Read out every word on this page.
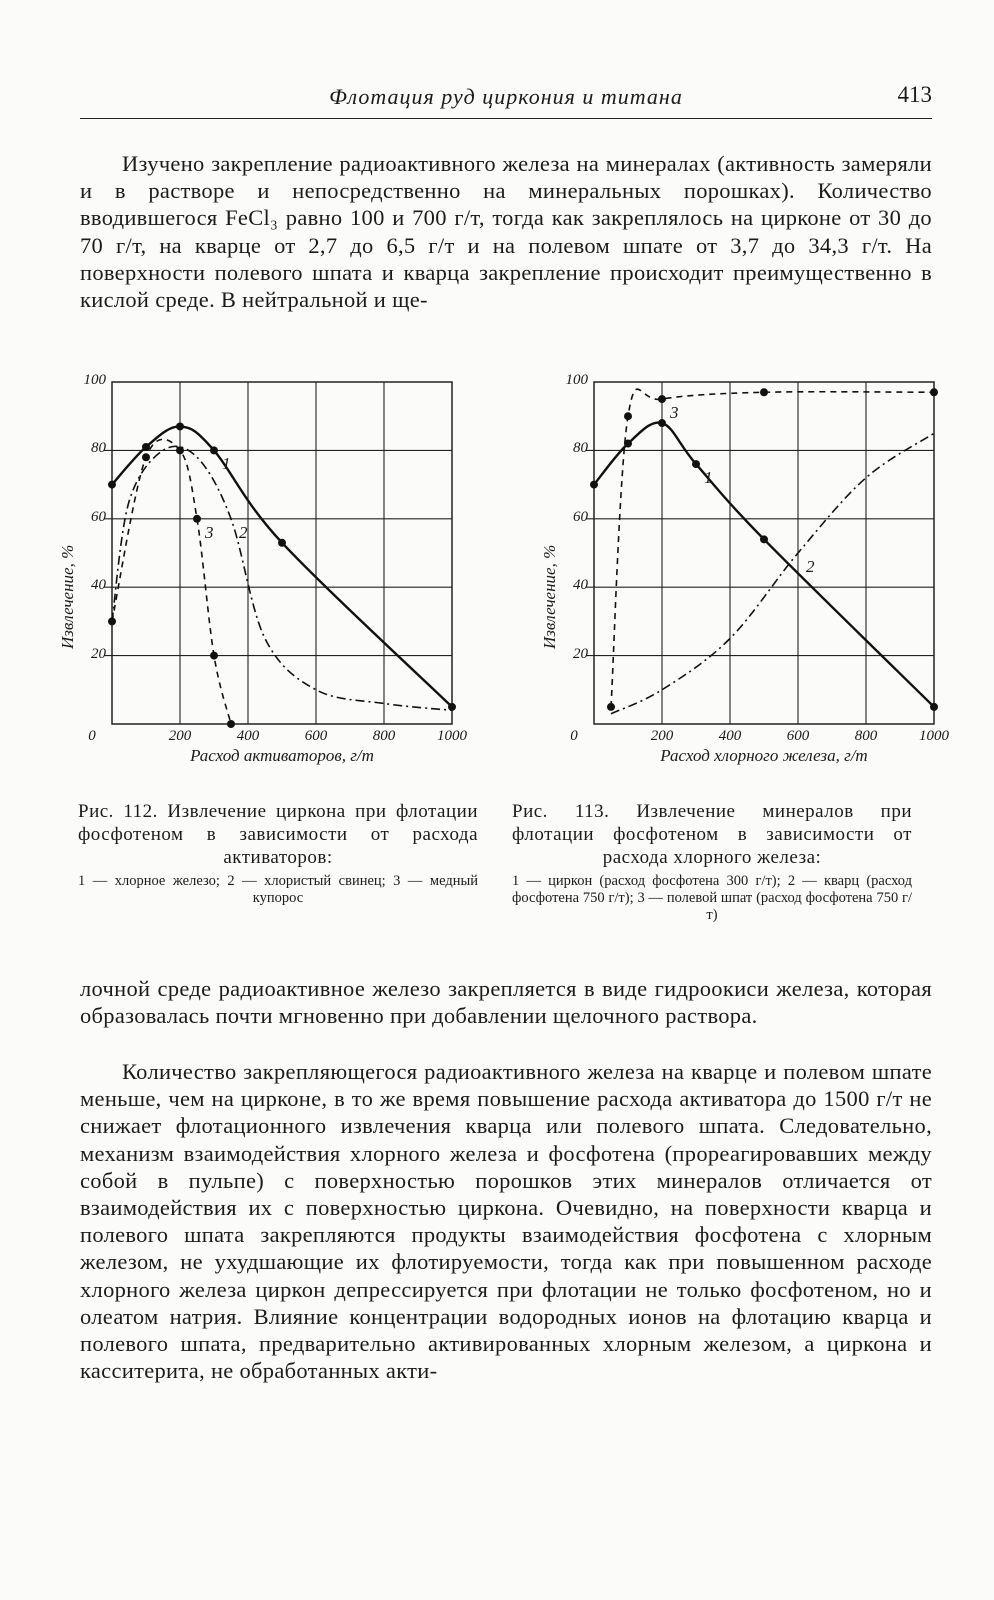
Флотация руд циркония и титана	413

Изучено закрепление радиоактивного железа на минералах (активность замеряли и в растворе и непосредственно на минеральных порошках). Количество вводившегося FeCl₃ равно 100 и 700 г/т, тогда как закреплялось на цирконе от 30 до 70 г/т, на кварце от 2,7 до 6,5 г/т и на полевом шпате от 3,7 до 34,3 г/т. На поверхности полевого шпата и кварца закрепление происходит преимущественно в кислой среде. В нейтральной и ще-

0	200	400	600	800	1000
20
40
60
80
100
Расход активаторов, г/т
Извлечение, %
1
2
3
0	200	400	600	800	1000
20
40
60
80
100
Расход хлорного железа, г/т
Извлечение, %
1
2
3
Рис. 112. Извлечение циркона при флотации фосфотеном в зависимости от расхода активаторов:
1 — хлорное железо; 2 — хлористый свинец; 3 — медный купорос
Рис. 113. Извлечение минералов при флотации фосфотеном в зависимости от расхода хлорного железа:
1 — циркон (расход фосфотена 300 г/т); 2 — кварц (расход фосфотена 750 г/т); 3 — полевой шпат (расход фосфотена 750 г/т)

лочной среде радиоактивное железо закрепляется в виде гидроокиси железа, которая образовалась почти мгновенно при добавлении щелочного раствора.

Количество закрепляющегося радиоактивного железа на кварце и полевом шпате меньше, чем на цирконе, в то же время повышение расхода активатора до 1500 г/т не снижает флотационного извлечения кварца или полевого шпата. Следовательно, механизм взаимодействия хлорного железа и фосфотена (прореагировавших между собой в пульпе) с поверхностью порошков этих минералов отличается от взаимодействия их с поверхностью циркона. Очевидно, на поверхности кварца и полевого шпата закрепляются продукты взаимодействия фосфотена с хлорным железом, не ухудшающие их флотируемости, тогда как при повышенном расходе хлорного железа циркон депрессируется при флотации не только фосфотеном, но и олеатом натрия. Влияние концентрации водородных ионов на флотацию кварца и полевого шпата, предварительно активированных хлорным железом, а циркона и касситерита, не обработанных акти-
